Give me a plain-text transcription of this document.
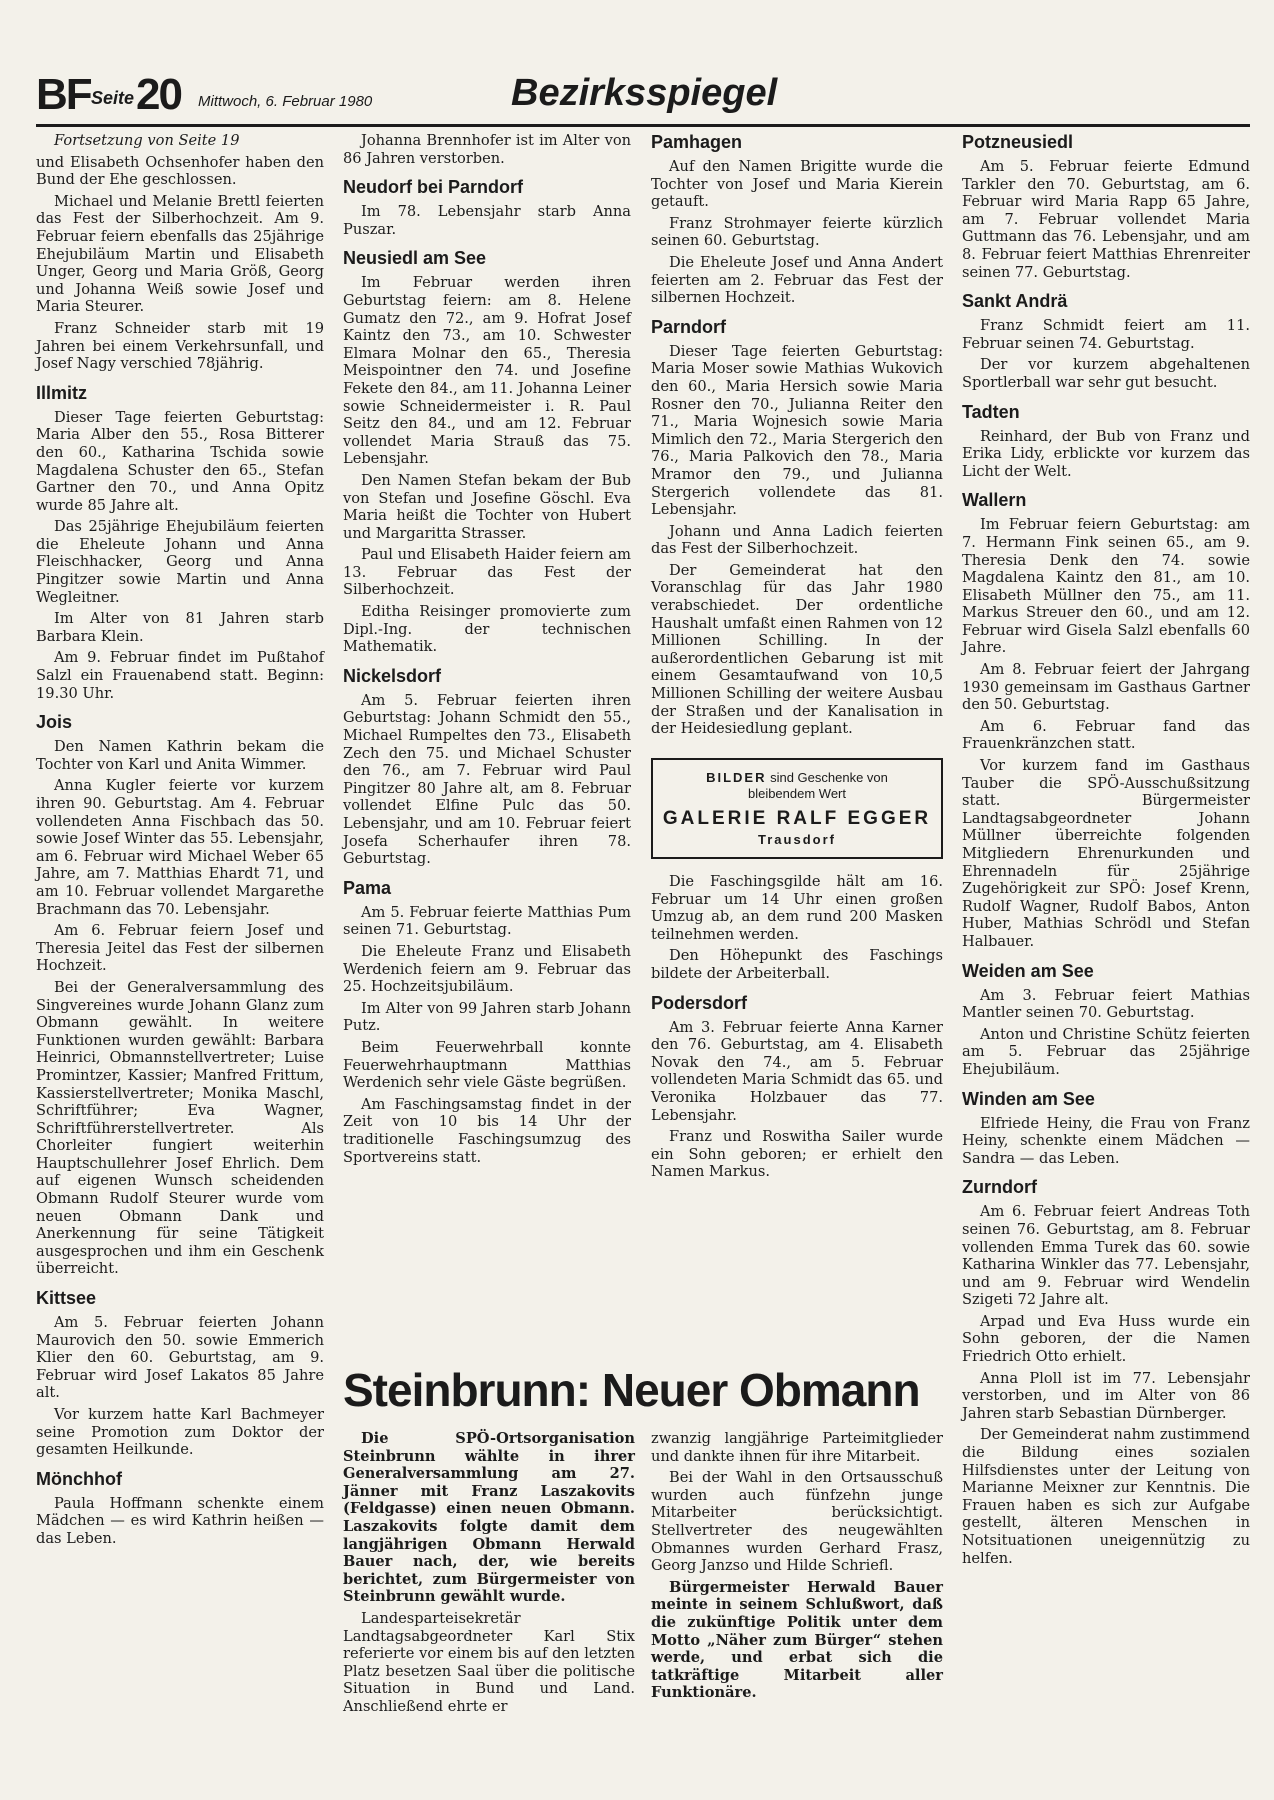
BF Seite 20 Mittwoch, 6. Februar 1980	Bezirksspiegel

Fortsetzung von Seite 19

und Elisabeth Ochsenhofer haben den Bund der Ehe geschlossen.

Michael und Melanie Brettl feierten das Fest der Silberhochzeit. Am 9. Februar feiern ebenfalls das 25jährige Ehejubiläum Martin und Elisabeth Unger, Georg und Maria Größ, Georg und Johanna Weiß sowie Josef und Maria Steurer.

Franz Schneider starb mit 19 Jahren bei einem Verkehrsunfall, und Josef Nagy verschied 78jährig.

Illmitz

Dieser Tage feierten Geburtstag: Maria Alber den 55., Rosa Bitterer den 60., Katharina Tschida sowie Magdalena Schuster den 65., Stefan Gartner den 70., und Anna Opitz wurde 85 Jahre alt.

Das 25jährige Ehejubiläum feierten die Eheleute Johann und Anna Fleischhacker, Georg und Anna Pingitzer sowie Martin und Anna Wegleitner.

Im Alter von 81 Jahren starb Barbara Klein.

Am 9. Februar findet im Pußtahof Salzl ein Frauenabend statt. Beginn: 19.30 Uhr.

Jois

Den Namen Kathrin bekam die Tochter von Karl und Anita Wimmer.

Anna Kugler feierte vor kurzem ihren 90. Geburtstag. Am 4. Februar vollendeten Anna Fischbach das 50. sowie Josef Winter das 55. Lebensjahr, am 6. Februar wird Michael Weber 65 Jahre, am 7. Matthias Ehardt 71, und am 10. Februar vollendet Margarethe Brachmann das 70. Lebensjahr.

Am 6. Februar feiern Josef und Theresia Jeitel das Fest der silbernen Hochzeit.

Bei der Generalversammlung des Singvereines wurde Johann Glanz zum Obmann gewählt. In weitere Funktionen wurden gewählt: Barbara Heinrici, Obmannstellvertreter; Luise Promintzer, Kassier; Manfred Frittum, Kassierstellvertreter; Monika Maschl, Schriftführer; Eva Wagner, Schriftführerstellvertreter. Als Chorleiter fungiert weiterhin Hauptschullehrer Josef Ehrlich. Dem auf eigenen Wunsch scheidenden Obmann Rudolf Steurer wurde vom neuen Obmann Dank und Anerkennung für seine Tätigkeit ausgesprochen und ihm ein Geschenk überreicht.

Kittsee

Am 5. Februar feierten Johann Maurovich den 50. sowie Emmerich Klier den 60. Geburtstag, am 9. Februar wird Josef Lakatos 85 Jahre alt.

Vor kurzem hatte Karl Bachmeyer seine Promotion zum Doktor der gesamten Heilkunde.

Mönchhof

Paula Hoffmann schenkte einem Mädchen — es wird Kathrin heißen — das Leben.

Johanna Brennhofer ist im Alter von 86 Jahren verstorben.

Neudorf bei Parndorf

Im 78. Lebensjahr starb Anna Puszar.

Neusiedl am See

Im Februar werden ihren Geburtstag feiern: am 8. Helene Gumatz den 72., am 9. Hofrat Josef Kaintz den 73., am 10. Schwester Elmara Molnar den 65., Theresia Meispointner den 74. und Josefine Fekete den 84., am 11. Johanna Leiner sowie Schneidermeister i. R. Paul Seitz den 84., und am 12. Februar vollendet Maria Strauß das 75. Lebensjahr.

Den Namen Stefan bekam der Bub von Stefan und Josefine Göschl. Eva Maria heißt die Tochter von Hubert und Margaritta Strasser.

Paul und Elisabeth Haider feiern am 13. Februar das Fest der Silberhochzeit.

Editha Reisinger promovierte zum Dipl.-Ing. der technischen Mathematik.

Nickelsdorf

Am 5. Februar feierten ihren Geburtstag: Johann Schmidt den 55., Michael Rumpeltes den 73., Elisabeth Zech den 75. und Michael Schuster den 76., am 7. Februar wird Paul Pingitzer 80 Jahre alt, am 8. Februar vollendet Elfine Pulc das 50. Lebensjahr, und am 10. Februar feiert Josefa Scherhaufer ihren 78. Geburtstag.

Pama

Am 5. Februar feierte Matthias Pum seinen 71. Geburtstag.

Die Eheleute Franz und Elisabeth Werdenich feiern am 9. Februar das 25. Hochzeitsjubiläum.

Im Alter von 99 Jahren starb Johann Putz.

Beim Feuerwehrball konnte Feuerwehrhauptmann Matthias Werdenich sehr viele Gäste begrüßen.

Am Faschingsamstag findet in der Zeit von 10 bis 14 Uhr der traditionelle Faschingsumzug des Sportvereins statt.

Pamhagen

Auf den Namen Brigitte wurde die Tochter von Josef und Maria Kierein getauft.

Franz Strohmayer feierte kürzlich seinen 60. Geburtstag.

Die Eheleute Josef und Anna Andert feierten am 2. Februar das Fest der silbernen Hochzeit.

Parndorf

Dieser Tage feierten Geburtstag: Maria Moser sowie Mathias Wukovich den 60., Maria Hersich sowie Maria Rosner den 70., Julianna Reiter den 71., Maria Wojnesich sowie Maria Mimlich den 72., Maria Stergerich den 76., Maria Palkovich den 78., Maria Mramor den 79., und Julianna Stergerich vollendete das 81. Lebensjahr.

Johann und Anna Ladich feierten das Fest der Silberhochzeit.

Der Gemeinderat hat den Voranschlag für das Jahr 1980 verabschiedet. Der ordentliche Haushalt umfaßt einen Rahmen von 12 Millionen Schilling. In der außerordentlichen Gebarung ist mit einem Gesamtaufwand von 10,5 Millionen Schilling der weitere Ausbau der Straßen und der Kanalisation in der Heidesiedlung geplant.

BILDER sind Geschenke von
bleibendem Wert
GALERIE RALF EGGER
Trausdorf

Die Faschingsgilde hält am 16. Februar um 14 Uhr einen großen Umzug ab, an dem rund 200 Masken teilnehmen werden.

Den Höhepunkt des Faschings bildete der Arbeiterball.

Podersdorf

Am 3. Februar feierte Anna Karner den 76. Geburtstag, am 4. Elisabeth Novak den 74., am 5. Februar vollendeten Maria Schmidt das 65. und Veronika Holzbauer das 77. Lebensjahr.

Franz und Roswitha Sailer wurde ein Sohn geboren; er erhielt den Namen Markus.

Potzneusiedl

Am 5. Februar feierte Edmund Tarkler den 70. Geburtstag, am 6. Februar wird Maria Rapp 65 Jahre, am 7. Februar vollendet Maria Guttmann das 76. Lebensjahr, und am 8. Februar feiert Matthias Ehrenreiter seinen 77. Geburtstag.

Sankt Andrä

Franz Schmidt feiert am 11. Februar seinen 74. Geburtstag.

Der vor kurzem abgehaltenen Sportlerball war sehr gut besucht.

Tadten

Reinhard, der Bub von Franz und Erika Lidy, erblickte vor kurzem das Licht der Welt.

Wallern

Im Februar feiern Geburtstag: am 7. Hermann Fink seinen 65., am 9. Theresia Denk den 74. sowie Magdalena Kaintz den 81., am 10. Elisabeth Müllner den 75., am 11. Markus Streuer den 60., und am 12. Februar wird Gisela Salzl ebenfalls 60 Jahre.

Am 8. Februar feiert der Jahrgang 1930 gemeinsam im Gasthaus Gartner den 50. Geburtstag.

Am 6. Februar fand das Frauenkränzchen statt.

Vor kurzem fand im Gasthaus Tauber die SPÖ-Ausschußsitzung statt. Bürgermeister Landtagsabgeordneter Johann Müllner überreichte folgenden Mitgliedern Ehrenurkunden und Ehrennadeln für 25jährige Zugehörigkeit zur SPÖ: Josef Krenn, Rudolf Wagner, Rudolf Babos, Anton Huber, Mathias Schrödl und Stefan Halbauer.

Weiden am See

Am 3. Februar feiert Mathias Mantler seinen 70. Geburtstag.

Anton und Christine Schütz feierten am 5. Februar das 25jährige Ehejubiläum.

Winden am See

Elfriede Heiny, die Frau von Franz Heiny, schenkte einem Mädchen — Sandra — das Leben.

Zurndorf

Am 6. Februar feiert Andreas Toth seinen 76. Geburtstag, am 8. Februar vollenden Emma Turek das 60. sowie Katharina Winkler das 77. Lebensjahr, und am 9. Februar wird Wendelin Szigeti 72 Jahre alt.

Arpad und Eva Huss wurde ein Sohn geboren, der die Namen Friedrich Otto erhielt.

Anna Ploll ist im 77. Lebensjahr verstorben, und im Alter von 86 Jahren starb Sebastian Dürnberger.

Der Gemeinderat nahm zustimmend die Bildung eines sozialen Hilfsdienstes unter der Leitung von Marianne Meixner zur Kenntnis. Die Frauen haben es sich zur Aufgabe gestellt, älteren Menschen in Notsituationen uneigennützig zu helfen.

Steinbrunn: Neuer Obmann

Die SPÖ-Ortsorganisation Steinbrunn wählte in ihrer Generalversammlung am 27. Jänner mit Franz Laszakovits (Feldgasse) einen neuen Obmann. Laszakovits folgte damit dem langjährigen Obmann Herwald Bauer nach, der, wie bereits berichtet, zum Bürgermeister von Steinbrunn gewählt wurde.

Landesparteisekretär Landtagsabgeordneter Karl Stix referierte vor einem bis auf den letzten Platz besetzen Saal über die politische Situation in Bund und Land. Anschließend ehrte er

zwanzig langjährige Parteimitglieder und dankte ihnen für ihre Mitarbeit.

Bei der Wahl in den Ortsausschuß wurden auch fünfzehn junge Mitarbeiter berücksichtigt. Stellvertreter des neugewählten Obmannes wurden Gerhard Frasz, Georg Janzso und Hilde Schriefl.

Bürgermeister Herwald Bauer meinte in seinem Schlußwort, daß die zukünftige Politik unter dem Motto „Näher zum Bürger“ stehen werde, und erbat sich die tatkräftige Mitarbeit aller Funktionäre.
